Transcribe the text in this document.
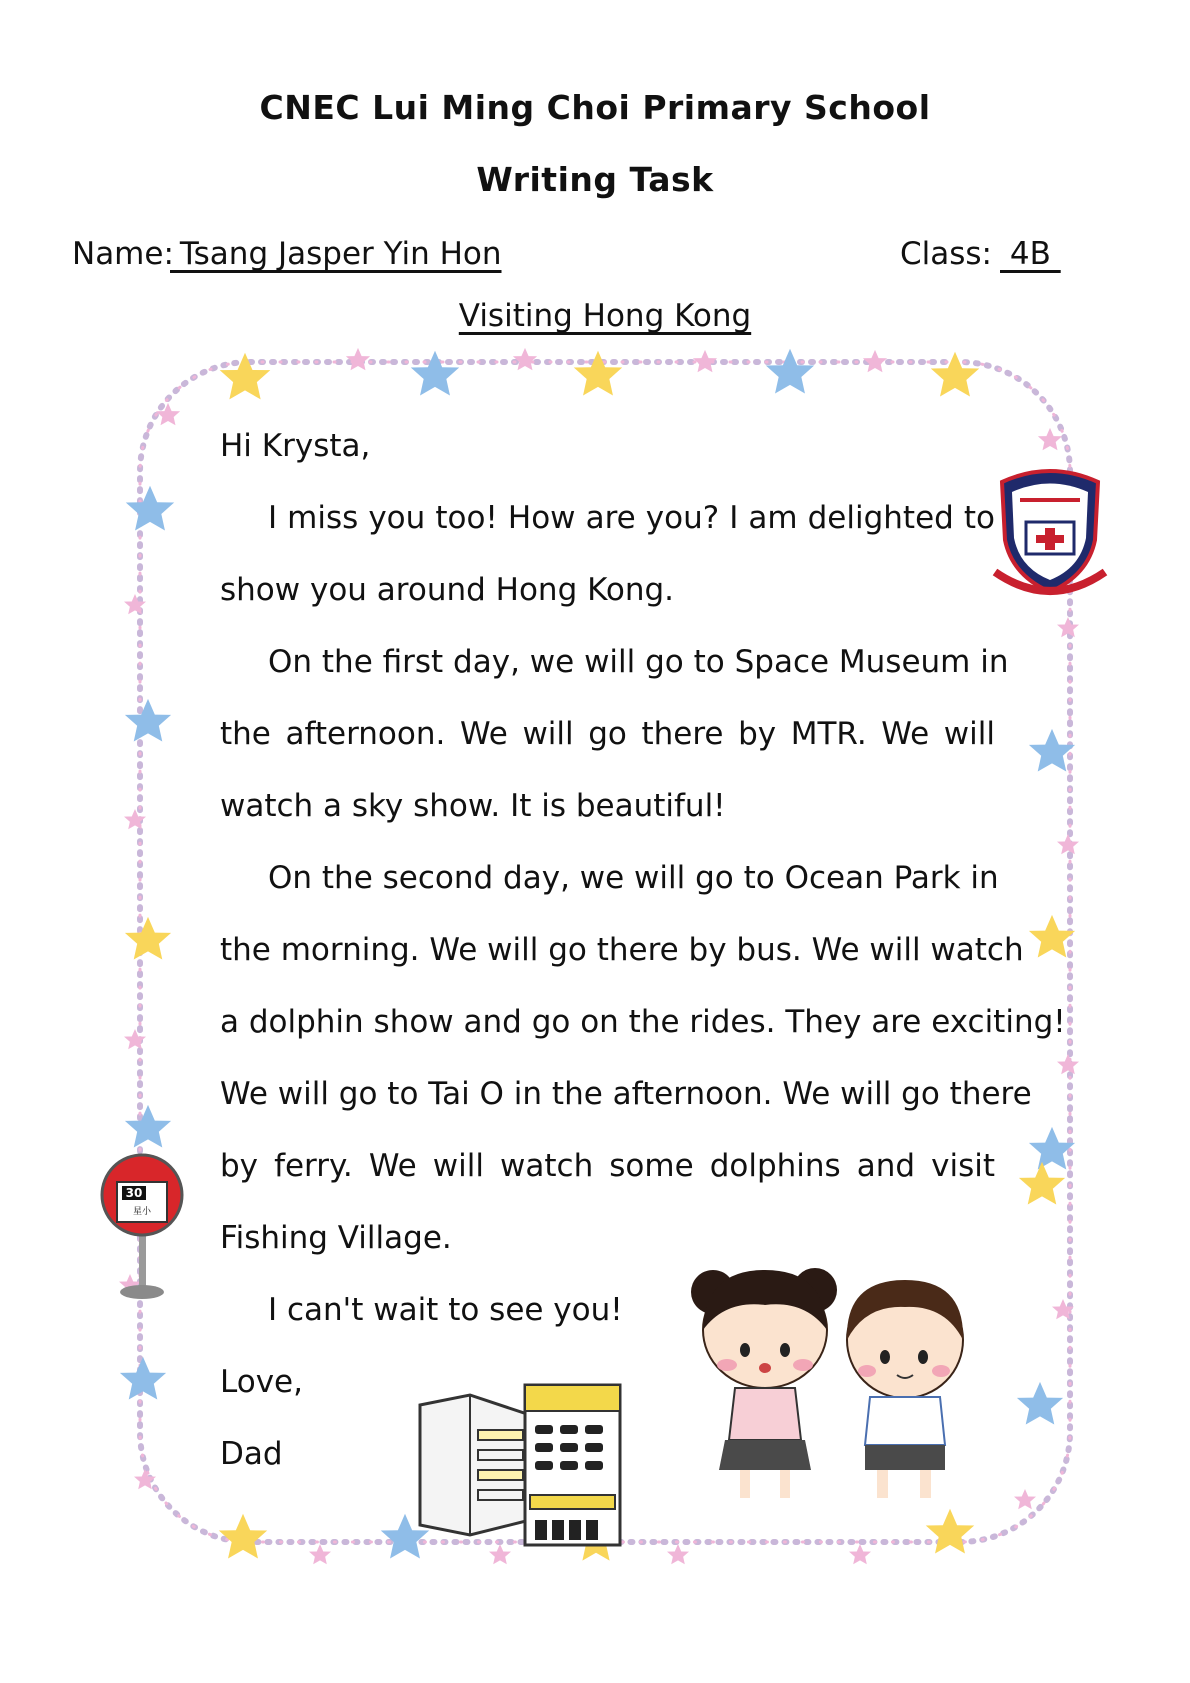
30
星小
CNEC Lui Ming Choi Primary School
Writing Task
Name:
Tsang Jasper Yin Hon	Class: 4B
Visiting Hong Kong
Hi Krysta,
I miss you too! How are you? I am delighted to
show you around Hong Kong.
On the first day, we will go to Space Museum in
the afternoon. We will go there by MTR. We will
watch a sky show. It is beautiful!
On the second day, we will go to Ocean Park in
the morning. We will go there by bus. We will watch
a dolphin show and go on the rides. They are exciting!
We will go to Tai O in the afternoon. We will go there
by ferry. We will watch some dolphins and visit
Fishing Village.
I can't wait to see you!
Love,
Dad
